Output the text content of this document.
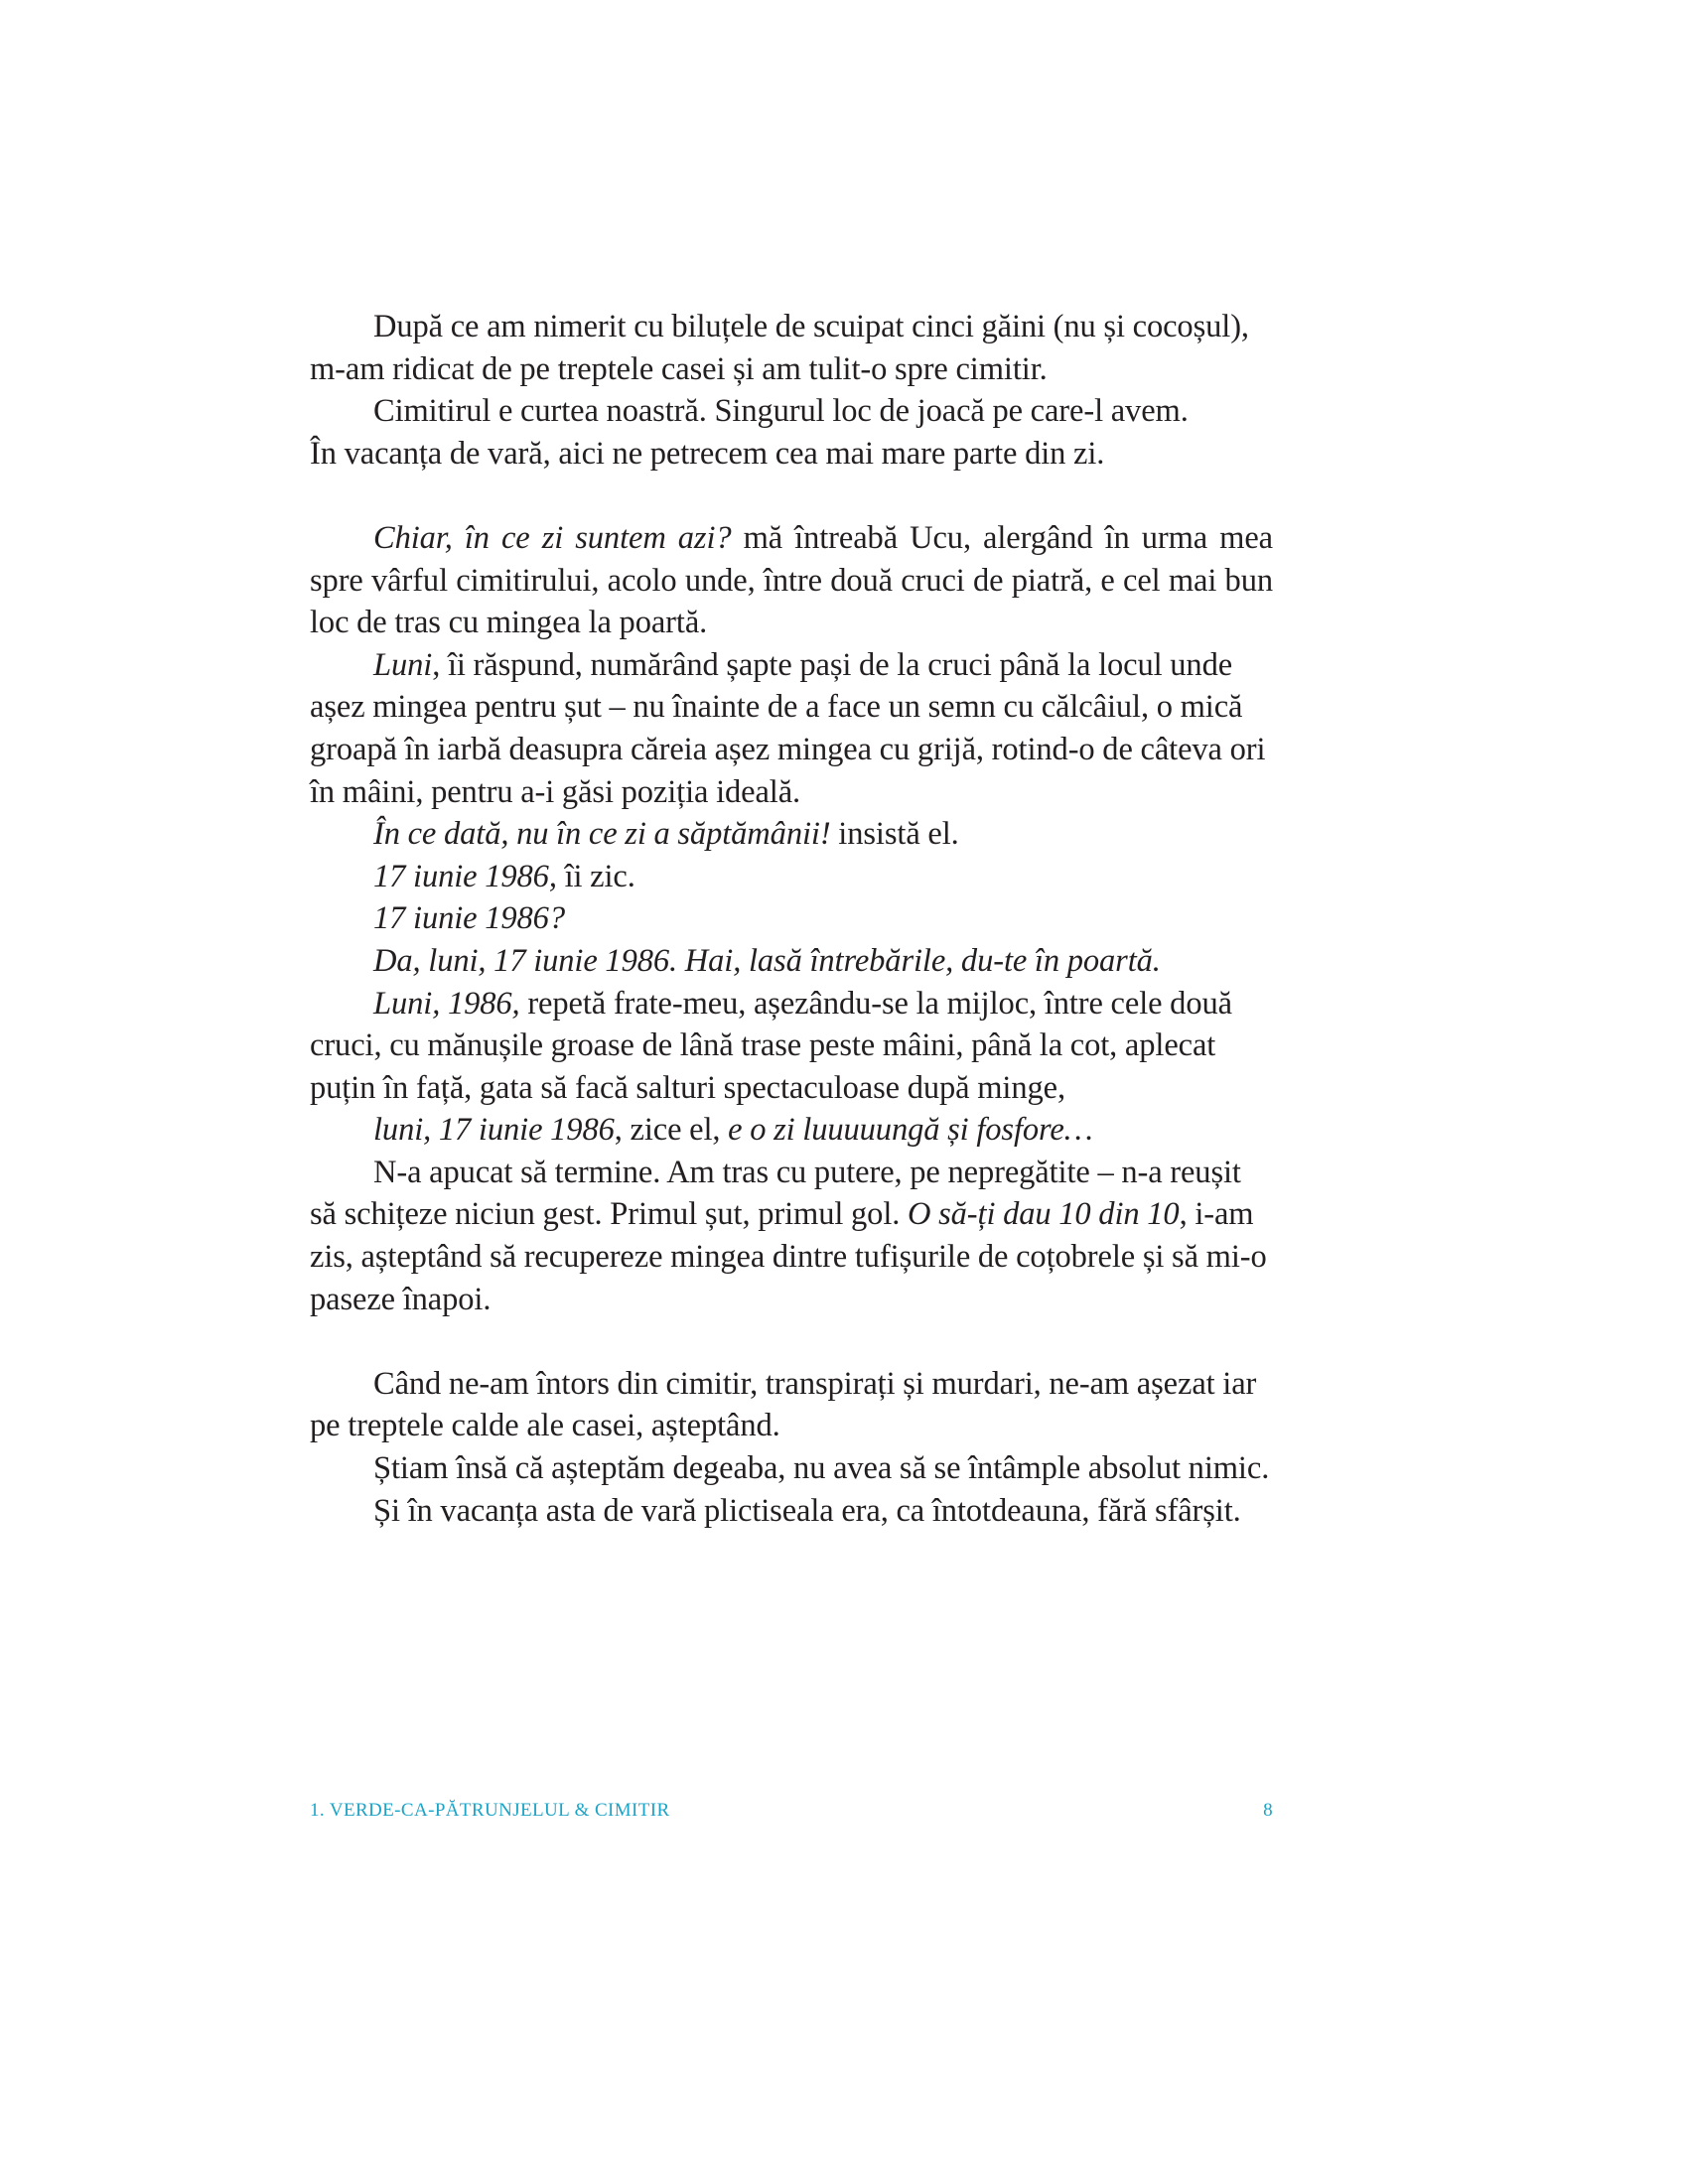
După ce am nimerit cu biluțele de scuipat cinci găini (nu și cocoșul),

m-am ridicat de pe treptele casei și am tulit-o spre cimitir.

Cimitirul e curtea noastră. Singurul loc de joacă pe care-l avem.

În vacanța de vară, aici ne petrecem cea mai mare parte din zi.

Chiar, în ce zi suntem azi? mă întreabă Ucu, alergând în urma mea spre vârful cimitirului, acolo unde, între două cruci de piatră, e cel mai bun loc de tras cu mingea la poartă.

Luni, îi răspund, numărând șapte pași de la cruci până la locul unde așez mingea pentru șut – nu înainte de a face un semn cu călcâiul, o mică groapă în iarbă deasupra căreia așez mingea cu grijă, rotind-o de câteva ori în mâini, pentru a-i găsi poziția ideală.

În ce dată, nu în ce zi a săptămânii! insistă el.

17 iunie 1986, îi zic.

17 iunie 1986?

Da, luni, 17 iunie 1986. Hai, lasă întrebările, du-te în poartă.

Luni, 1986, repetă frate-meu, așezându-se la mijloc, între cele două cruci, cu mănușile groase de lână trase peste mâini, până la cot, aplecat puțin în față, gata să facă salturi spectaculoase după minge,

luni, 17 iunie 1986, zice el, e o zi luuuuungă și fosfore…

N-a apucat să termine. Am tras cu putere, pe nepregătite – n-a reușit să schițeze niciun gest. Primul șut, primul gol. O să-ți dau 10 din 10, i-am zis, așteptând să recupereze mingea dintre tufișurile de coțobrele și să mi-o paseze înapoi.

Când ne-am întors din cimitir, transpirați și murdari, ne-am așezat iar pe treptele calde ale casei, așteptând.

Știam însă că așteptăm degeaba, nu avea să se întâmple absolut nimic.

Și în vacanța asta de vară plictiseala era, ca întotdeauna, fără sfârșit.

1. VERDE-CA-PĂTRUNJELUL & CIMITIR	8
